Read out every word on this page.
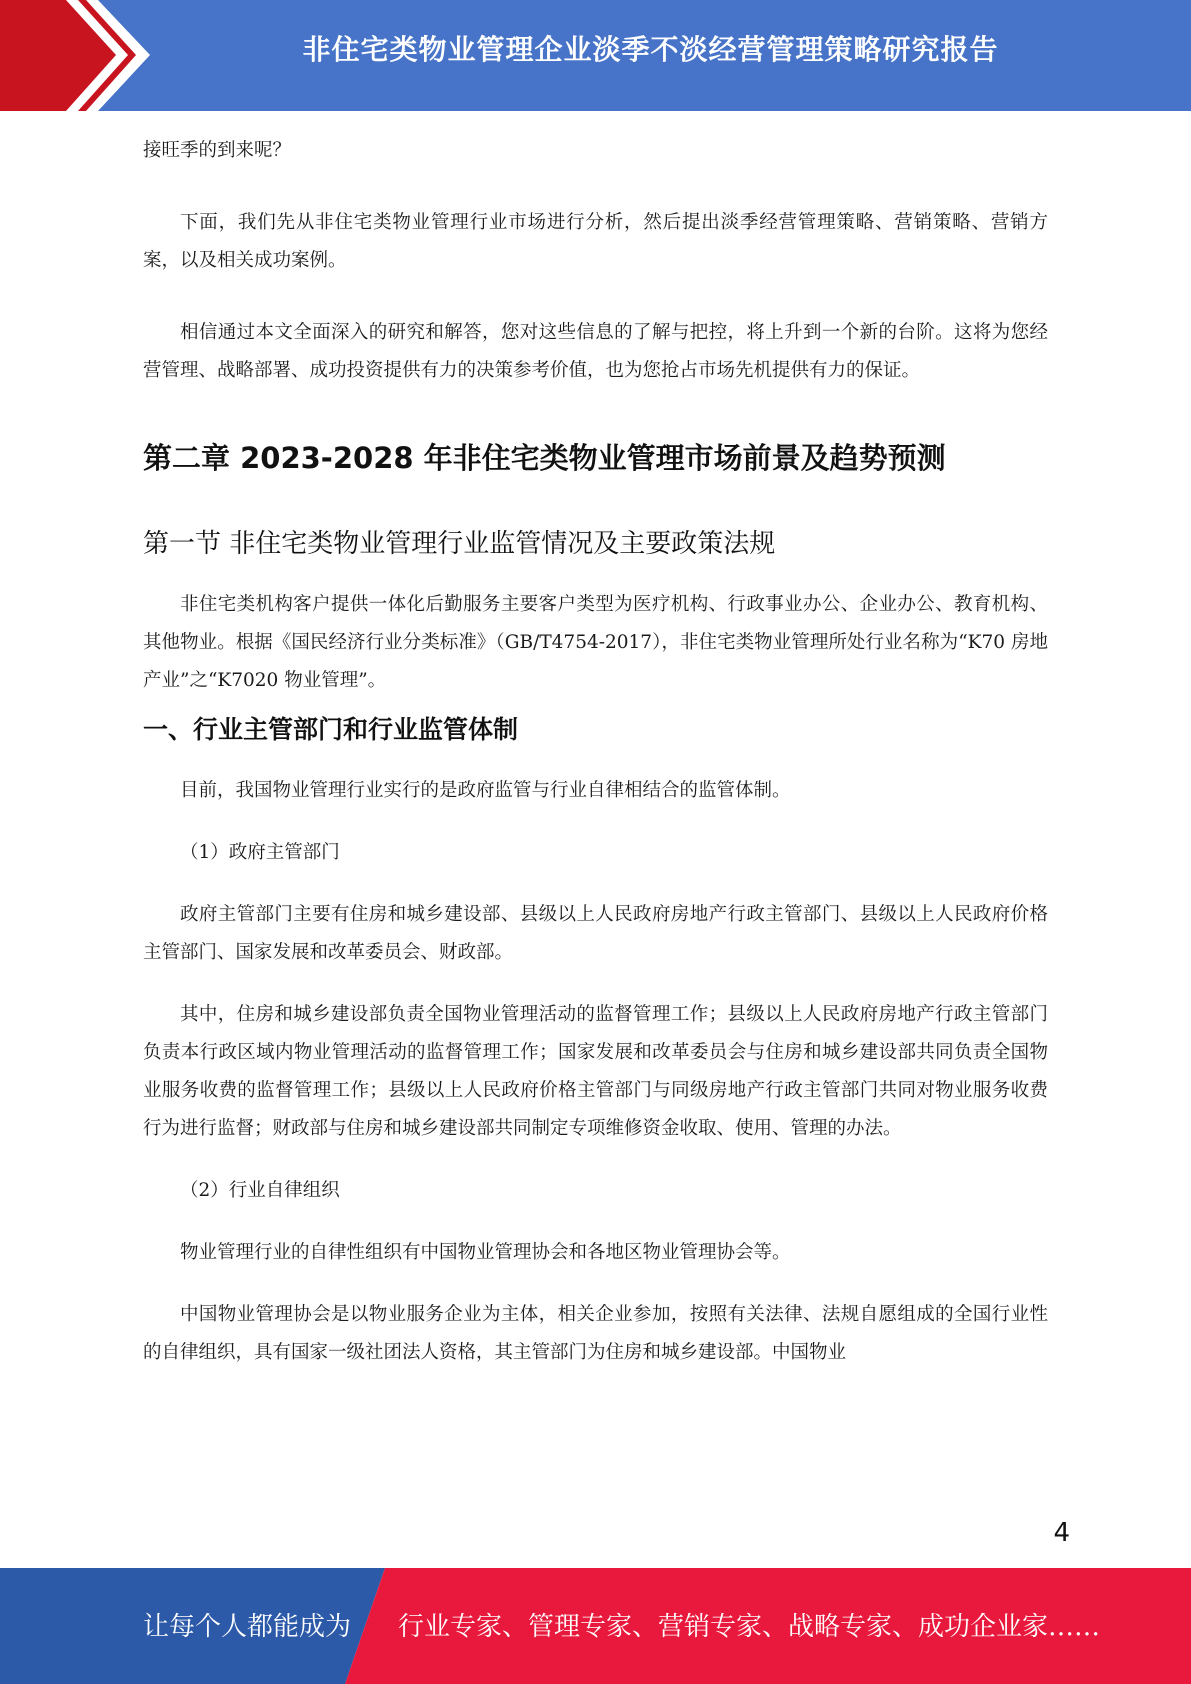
非住宅类物业管理企业淡季不淡经营管理策略研究报告

接旺季的到来呢？

下面，我们先从非住宅类物业管理行业市场进行分析，然后提出淡季经营管理策略、营销策略、营销方案，以及相关成功案例。

相信通过本文全面深入的研究和解答，您对这些信息的了解与把控，将上升到一个新的台阶。这将为您经营管理、战略部署、成功投资提供有力的决策参考价值，也为您抢占市场先机提供有力的保证。

第二章 2023-2028 年非住宅类物业管理市场前景及趋势预测
第一节 非住宅类物业管理行业监管情况及主要政策法规

非住宅类机构客户提供一体化后勤服务主要客户类型为医疗机构、行政事业办公、企业办公、教育机构、其他物业。根据《国民经济行业分类标准》（GB/T4754-2017），非住宅类物业管理所处行业名称为“K70 房地产业”之“K7020 物业管理”。

一、行业主管部门和行业监管体制

目前，我国物业管理行业实行的是政府监管与行业自律相结合的监管体制。

（1）政府主管部门

政府主管部门主要有住房和城乡建设部、县级以上人民政府房地产行政主管部门、县级以上人民政府价格主管部门、国家发展和改革委员会、财政部。

其中，住房和城乡建设部负责全国物业管理活动的监督管理工作；县级以上人民政府房地产行政主管部门负责本行政区域内物业管理活动的监督管理工作；国家发展和改革委员会与住房和城乡建设部共同负责全国物业服务收费的监督管理工作；县级以上人民政府价格主管部门与同级房地产行政主管部门共同对物业服务收费行为进行监督；财政部与住房和城乡建设部共同制定专项维修资金收取、使用、管理的办法。

（2）行业自律组织

物业管理行业的自律性组织有中国物业管理协会和各地区物业管理协会等。

中国物业管理协会是以物业服务企业为主体，相关企业参加，按照有关法律、法规自愿组成的全国行业性的自律组织，具有国家一级社团法人资格，其主管部门为住房和城乡建设部。中国物业

4
让每个人都能成为 行业专家、管理专家、营销专家、战略专家、成功企业家……
